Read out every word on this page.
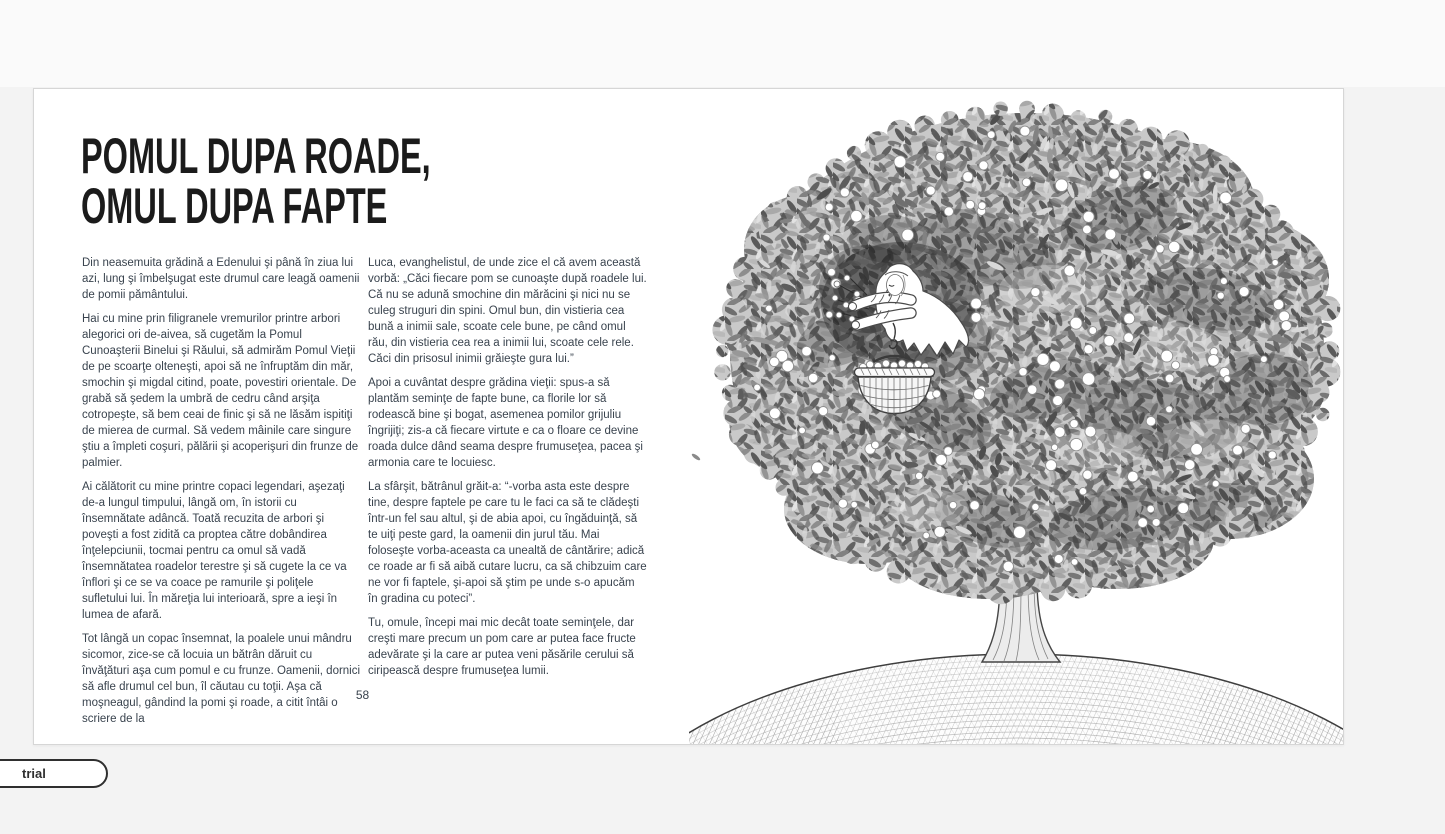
POMUL DUPA ROADE,
OMUL DUPA FAPTE

Din neasemuita grădină a Edenului şi până în ziua lui azi, lung şi îmbelşugat este drumul care leagă oamenii de pomii pământului.

Hai cu mine prin filigranele vremurilor printre arbori alegorici ori de-aivea, să cugetăm la Pomul Cunoaşterii Binelui şi Răului, să admirăm Pomul Vieţii de pe scoarţe olteneşti, apoi să ne înfruptăm din măr, smochin şi migdal citind, poate, povestiri orientale. De grabă să şedem la umbră de cedru când arşiţa cotropeşte, să bem ceai de finic şi să ne lăsăm ispitiţi de mierea de curmal. Să vedem mâinile care singure ştiu a împleti coşuri, pălării şi acoperişuri din frunze de palmier.

Ai călătorit cu mine printre copaci legendari, aşezaţi de-a lungul timpului, lângă om, în istorii cu însemnătate adâncă. Toată recuzita de arbori şi poveşti a fost zidită ca proptea către dobândirea înţelepciunii, tocmai pentru ca omul să vadă însemnătatea roadelor terestre şi să cugete la ce va înflori şi ce se va coace pe ramurile şi poliţele sufletului lui. În măreţia lui interioară, spre a ieşi în lumea de afară.

Tot lângă un copac însemnat, la poalele unui mândru sicomor, zice-se că locuia un bătrân dăruit cu învăţături aşa cum pomul e cu frunze. Oamenii, dornici să afle drumul cel bun, îl căutau cu toţii. Aşa că moşneagul, gândind la pomi şi roade, a citit întâi o scriere de la

Luca, evanghelistul, de unde zice el că avem această vorbă: „Căci fiecare pom se cunoaşte după roadele lui. Că nu se adună smochine din mărăcini şi nici nu se culeg struguri din spini. Omul bun, din vistieria cea bună a inimii sale, scoate cele bune, pe când omul rău, din vistieria cea rea a inimii lui, scoate cele rele. Căci din prisosul inimii grăieşte gura lui.”

Apoi a cuvântat despre grădina vieţii: spus-a să plantăm seminţe de fapte bune, ca florile lor să rodească bine şi bogat, asemenea pomilor grijuliu îngrijiţi; zis-a că fiecare virtute e ca o floare ce devine roada dulce dând seama despre frumuseţea, pacea şi armonia care te locuiesc.

La sfârşit, bătrânul grăit-a: “-vorba asta este despre tine, despre faptele pe care tu le faci ca să te clădeşti într-un fel sau altul, şi de abia apoi, cu îngăduinţă, să te uiţi peste gard, la oamenii din jurul tău. Mai foloseşte vorba-aceasta ca unealtă de cântărire; adică ce roade ar fi să aibă cutare lucru, ca să chibzuim care ne vor fi faptele, şi-apoi să ştim pe unde s-o apucăm în gradina cu poteci”.

Tu, omule, începi mai mic decât toate seminţele, dar creşti mare precum un pom care ar putea face fructe adevărate şi la care ar putea veni păsările cerului să ciripească despre frumuseţea lumii.

58
trial
